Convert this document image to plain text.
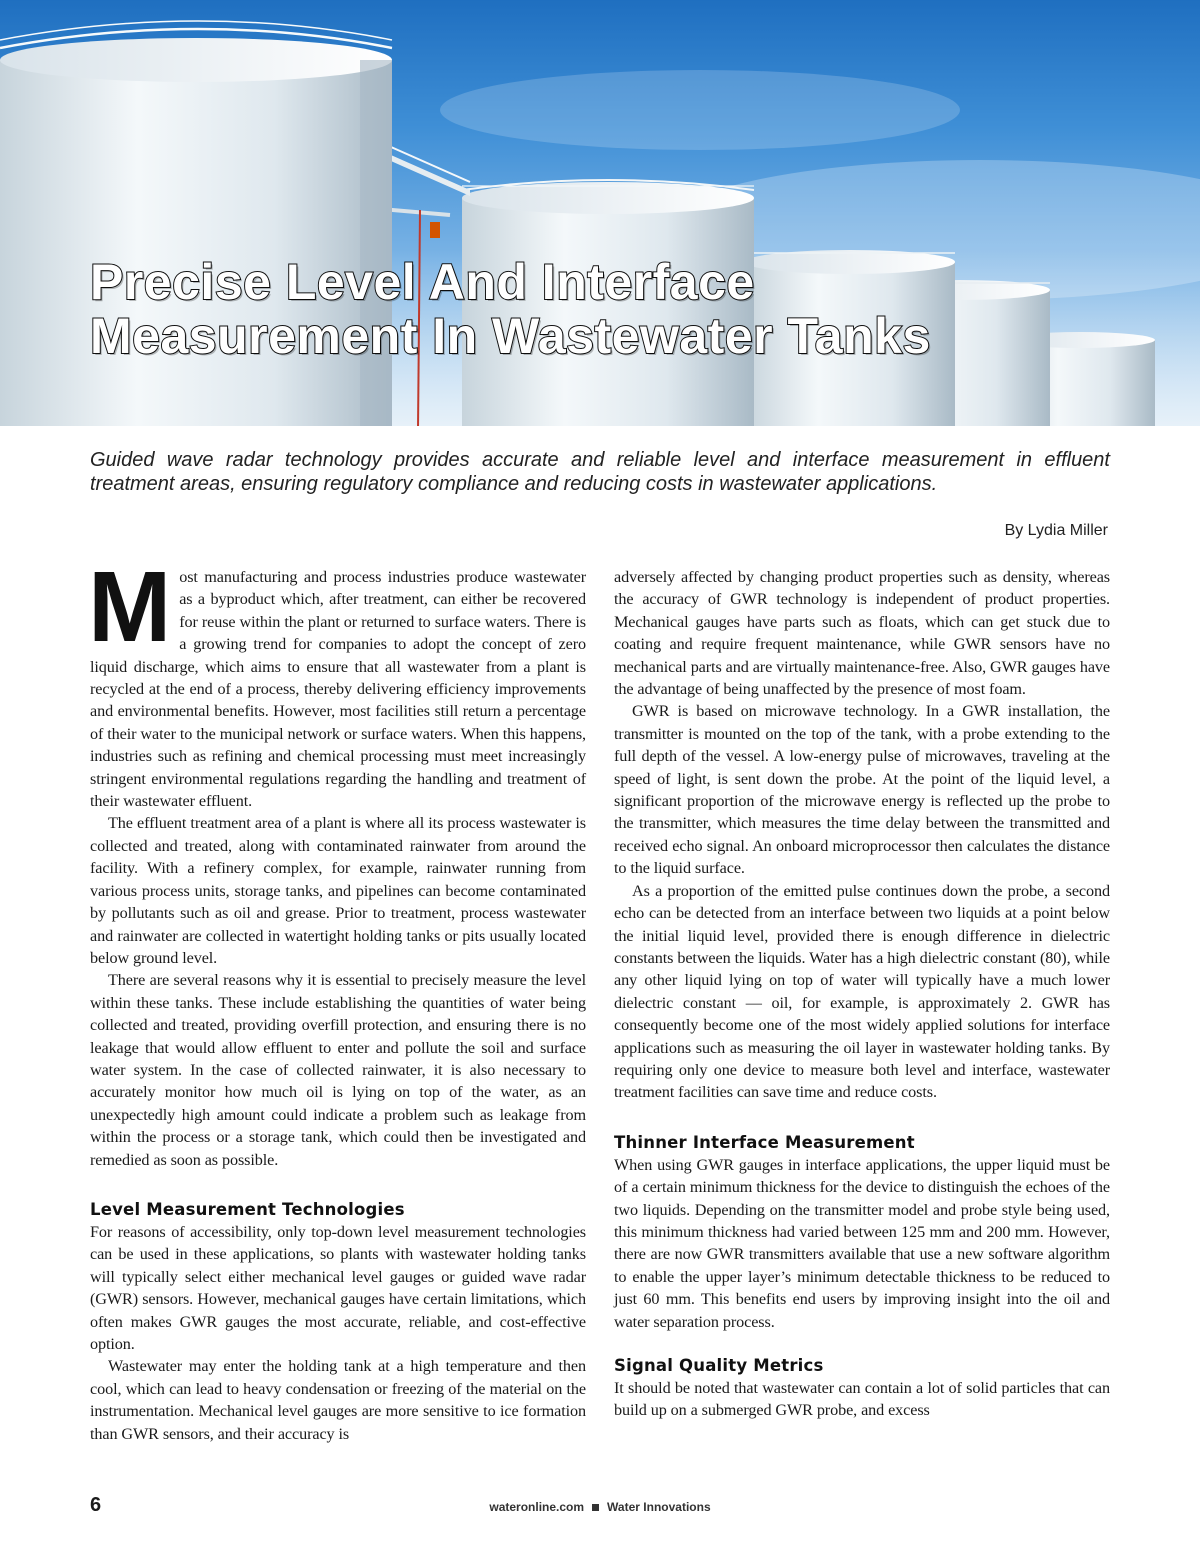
Precise Level And Interface
Measurement In Wastewater Tanks

Guided wave radar technology provides accurate and reliable level and interface measurement in effluent treatment areas, ensuring regulatory compliance and reducing costs in wastewater applications.

By Lydia Miller

Most manufacturing and process industries produce wastewater as a byproduct which, after treatment, can either be recovered for reuse within the plant or returned to surface waters. There is a growing trend for companies to adopt the concept of zero liquid discharge, which aims to ensure that all wastewater from a plant is recycled at the end of a process, thereby delivering efficiency improvements and environmental benefits. However, most facilities still return a percentage of their water to the municipal network or surface waters. When this happens, industries such as refining and chemical processing must meet increasingly stringent environmental regulations regarding the handling and treatment of their wastewater effluent.

The effluent treatment area of a plant is where all its process wastewater is collected and treated, along with contaminated rainwater from around the facility. With a refinery complex, for example, rainwater running from various process units, storage tanks, and pipelines can become contaminated by pollutants such as oil and grease. Prior to treatment, process wastewater and rainwater are collected in watertight holding tanks or pits usually located below ground level.

There are several reasons why it is essential to precisely measure the level within these tanks. These include establishing the quantities of water being collected and treated, providing overfill protection, and ensuring there is no leakage that would allow effluent to enter and pollute the soil and surface water system. In the case of collected rainwater, it is also necessary to accurately monitor how much oil is lying on top of the water, as an unexpectedly high amount could indicate a problem such as leakage from within the process or a storage tank, which could then be investigated and remedied as soon as possible.

Level Measurement Technologies

For reasons of accessibility, only top-down level measurement technologies can be used in these applications, so plants with wastewater holding tanks will typically select either mechanical level gauges or guided wave radar (GWR) sensors. However, mechanical gauges have certain limitations, which often makes GWR gauges the most accurate, reliable, and cost-effective option.

Wastewater may enter the holding tank at a high temperature and then cool, which can lead to heavy condensation or freezing of the material on the instrumentation. Mechanical level gauges are more sensitive to ice formation than GWR sensors, and their accuracy is

adversely affected by changing product properties such as density, whereas the accuracy of GWR technology is independent of product properties. Mechanical gauges have parts such as floats, which can get stuck due to coating and require frequent maintenance, while GWR sensors have no mechanical parts and are virtually maintenance-free. Also, GWR gauges have the advantage of being unaffected by the presence of most foam.

GWR is based on microwave technology. In a GWR installation, the transmitter is mounted on the top of the tank, with a probe extending to the full depth of the vessel. A low-energy pulse of microwaves, traveling at the speed of light, is sent down the probe. At the point of the liquid level, a significant proportion of the microwave energy is reflected up the probe to the transmitter, which measures the time delay between the transmitted and received echo signal. An onboard microprocessor then calculates the distance to the liquid surface.

As a proportion of the emitted pulse continues down the probe, a second echo can be detected from an interface between two liquids at a point below the initial liquid level, provided there is enough difference in dielectric constants between the liquids. Water has a high dielectric constant (80), while any other liquid lying on top of water will typically have a much lower dielectric constant — oil, for example, is approximately 2. GWR has consequently become one of the most widely applied solutions for interface applications such as measuring the oil layer in wastewater holding tanks. By requiring only one device to measure both level and interface, wastewater treatment facilities can save time and reduce costs.

Thinner Interface Measurement

When using GWR gauges in interface applications, the upper liquid must be of a certain minimum thickness for the device to distinguish the echoes of the two liquids. Depending on the transmitter model and probe style being used, this minimum thickness had varied between 125 mm and 200 mm. However, there are now GWR transmitters available that use a new software algorithm to enable the upper layer’s minimum detectable thickness to be reduced to just 60 mm. This benefits end users by improving insight into the oil and water separation process.

Signal Quality Metrics

It should be noted that wastewater can contain a lot of solid particles that can build up on a submerged GWR probe, and excess

6	wateronline.com Water Innovations
